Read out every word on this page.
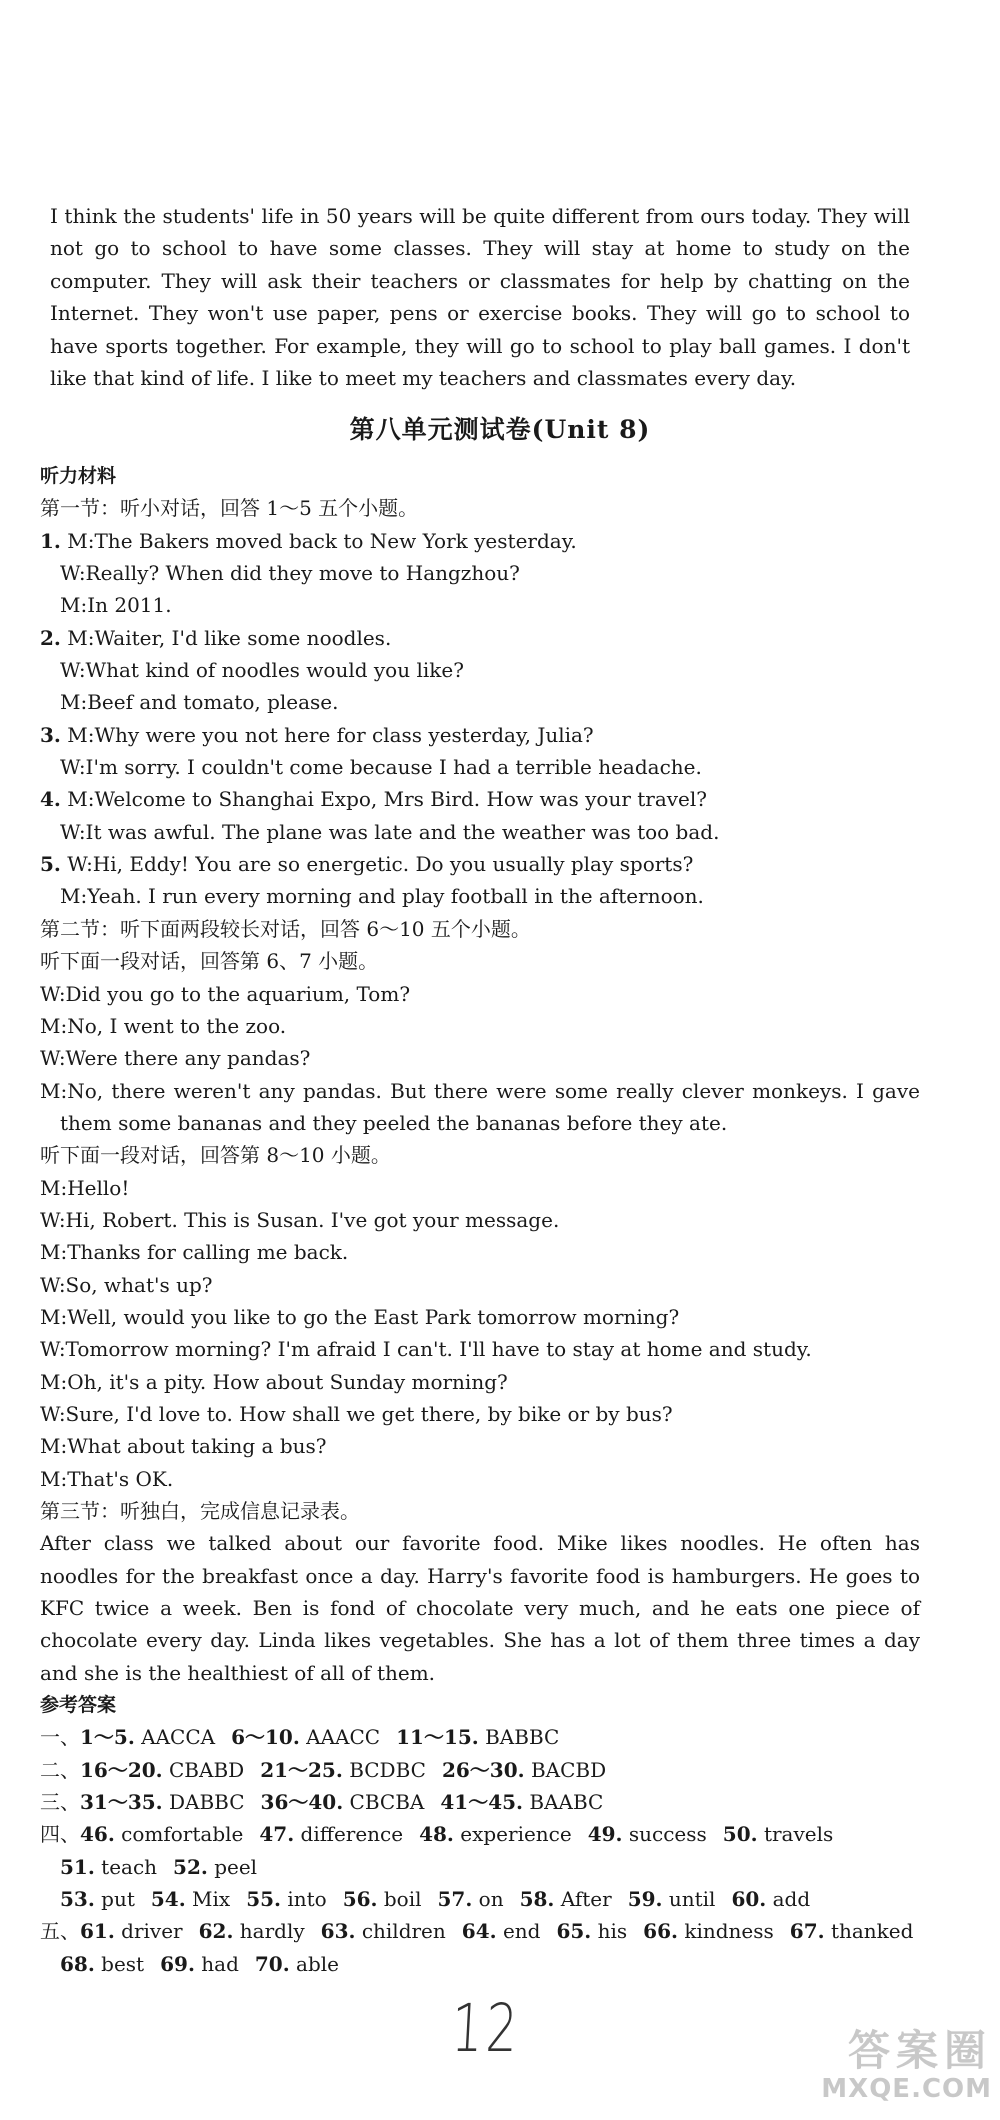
I think the students' life in 50 years will be quite different from ours today. They will not go to school to have some classes. They will stay at home to study on the computer. They will ask their teachers or classmates for help by chatting on the Internet. They won't use paper, pens or exercise books. They will go to school to have sports together. For example, they will go to school to play ball games. I don't like that kind of life. I like to meet my teachers and classmates every day.

第八单元测试卷(Unit 8)
听力材料
第一节：听小对话，回答 1～5 五个小题。
1. M:The Bakers moved back to New York yesterday.
W:Really? When did they move to Hangzhou?
M:In 2011.
2. M:Waiter, I'd like some noodles.
W:What kind of noodles would you like?
M:Beef and tomato, please.
3. M:Why were you not here for class yesterday, Julia?
W:I'm sorry. I couldn't come because I had a terrible headache.
4. M:Welcome to Shanghai Expo, Mrs Bird. How was your travel?
W:It was awful. The plane was late and the weather was too bad.
5. W:Hi, Eddy! You are so energetic. Do you usually play sports?
M:Yeah. I run every morning and play football in the afternoon.
第二节：听下面两段较长对话，回答 6～10 五个小题。
听下面一段对话，回答第 6、7 小题。
W:Did you go to the aquarium, Tom?
M:No, I went to the zoo.
W:Were there any pandas?
M:No, there weren't any pandas. But there were some really clever monkeys. I gave them some bananas and they peeled the bananas before they ate.
听下面一段对话，回答第 8～10 小题。
M:Hello!
W:Hi, Robert. This is Susan. I've got your message.
M:Thanks for calling me back.
W:So, what's up?
M:Well, would you like to go the East Park tomorrow morning?
W:Tomorrow morning? I'm afraid I can't. I'll have to stay at home and study.
M:Oh, it's a pity. How about Sunday morning?
W:Sure, I'd love to. How shall we get there, by bike or by bus?
M:What about taking a bus?
M:That's OK.
第三节：听独白，完成信息记录表。
After class we talked about our favorite food. Mike likes noodles. He often has noodles for the breakfast once a day. Harry's favorite food is hamburgers. He goes to KFC twice a week. Ben is fond of chocolate very much, and he eats one piece of chocolate every day. Linda likes vegetables. She has a lot of them three times a day and she is the healthiest of all of them.
参考答案
一、1～5. AACCA 6～10. AAACC 11～15. BABBC
二、16～20. CBABD 21～25. BCDBC 26～30. BACBD
三、31～35. DABBC 36～40. CBCBA 41～45. BAABC
四、46. comfortable 47. difference 48. experience 49. success 50. travels
51. teach 52. peel
53. put 54. Mix 55. into 56. boil 57. on 58. After 59. until 60. add
五、61. driver 62. hardly 63. children 64. end 65. his 66. kindness 67. thanked
68. best 69. had 70. able
12	答案圈
MXQE.COM
